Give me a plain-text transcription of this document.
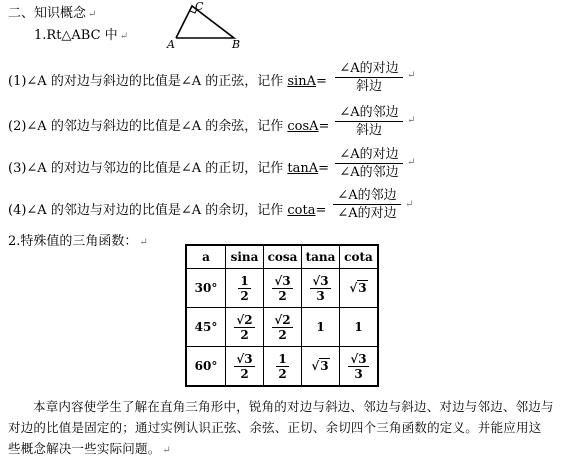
二、知识概念 ↵
1.Rt△ABC 中 ↵
C
A	B
(1)∠A 的对边与斜边的比值是∠A 的正弦，记作 sinA=
∠A的对边
斜边
↵
(2)∠A 的邻边与斜边的比值是∠A 的余弦，记作 cosA=
∠A的邻边
斜边
↵
(3)∠A 的对边与邻边的比值是∠A 的正切，记作 tanA=
∠A的对边
∠A的邻边
↵
(4)∠A 的邻边与对边的比值是∠A 的余切，记作 cota=
∠A的邻边
∠A的对边
↵
2.特殊值的三角函数： ↵
a	sina	cosa	tana	cota
30°	$\frac{1}{2}$	$\frac{√3}{2}$	$\frac{√3}{3}$	√3
45°	$\frac{√2}{2}$	$\frac{√2}{2}$	1	1
60°	$\frac{√3}{2}$	$\frac{1}{2}$	√3	$\frac{√3}{3}$
本章内容使学生了解在直角三角形中，锐角的对边与斜边、邻边与斜边、对边与邻边、邻边与对边的比值是固定的；通过实例认识正弦、余弦、正切、余切四个三角函数的定义。并能应用这些概念解决一些实际问题。 ↵
